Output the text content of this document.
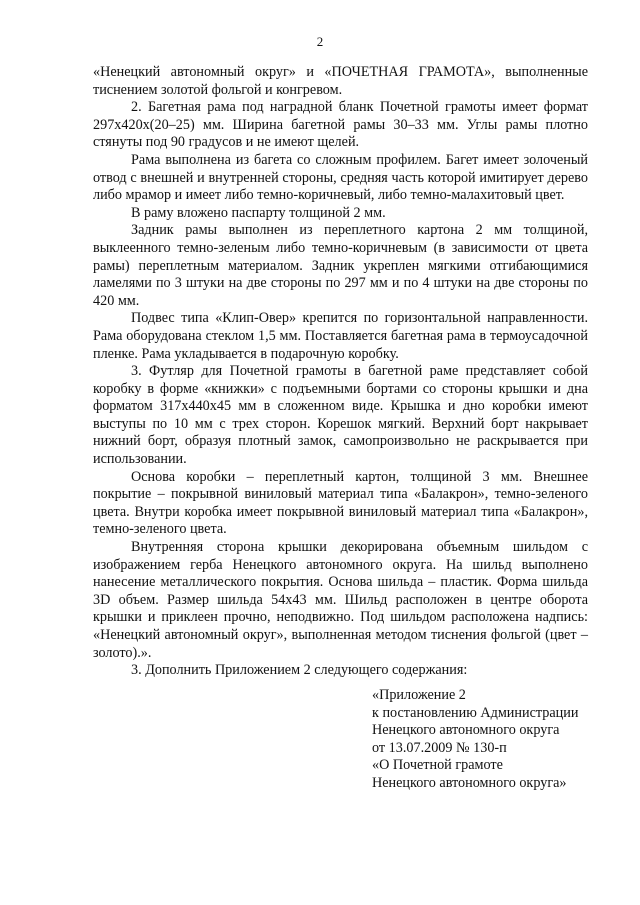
2

«Ненецкий автономный округ» и «ПОЧЕТНАЯ ГРАМОТА», выполненные тиснением золотой фольгой и конгревом.

2. Багетная рама под наградной бланк Почетной грамоты имеет формат 297х420х(20–25) мм. Ширина багетной рамы 30–33 мм. Углы рамы плотно стянуты под 90 градусов и не имеют щелей.

Рама выполнена из багета со сложным профилем. Багет имеет золоченый отвод с внешней и внутренней стороны, средняя часть которой имитирует дерево либо мрамор и имеет либо темно-коричневый, либо темно-малахитовый цвет.

В раму вложено паспарту толщиной 2 мм.

Задник рамы выполнен из переплетного картона 2 мм толщиной, выклеенного темно-зеленым либо темно-коричневым (в зависимости от цвета рамы) переплетным материалом. Задник укреплен мягкими отгибающимися ламелями по 3 штуки на две стороны по 297 мм и по 4 штуки на две стороны по 420 мм.

Подвес типа «Клип-Овер» крепится по горизонтальной направленности. Рама оборудована стеклом 1,5 мм. Поставляется багетная рама в термоусадочной пленке. Рама укладывается в подарочную коробку.

3. Футляр для Почетной грамоты в багетной раме представляет собой коробку в форме «книжки» с подъемными бортами со стороны крышки и дна форматом 317х440х45 мм в сложенном виде. Крышка и дно коробки имеют выступы по 10 мм с трех сторон. Корешок мягкий. Верхний борт накрывает нижний борт, образуя плотный замок, самопроизвольно не раскрывается при использовании.

Основа коробки – переплетный картон, толщиной 3 мм. Внешнее покрытие – покрывной виниловый материал типа «Балакрон», темно-зеленого цвета. Внутри коробка имеет покрывной виниловый материал типа «Балакрон», темно-зеленого цвета.

Внутренняя сторона крышки декорирована объемным шильдом с изображением герба Ненецкого автономного округа. На шильд выполнено нанесение металлического покрытия. Основа шильда – пластик. Форма шильда 3D объем. Размер шильда 54х43 мм. Шильд расположен в центре оборота крышки и приклеен прочно, неподвижно. Под шильдом расположена надпись: «Ненецкий автономный округ», выполненная методом тиснения фольгой (цвет – золото).».

3. Дополнить Приложением 2 следующего содержания:

«Приложение 2
к постановлению Администрации
Ненецкого автономного округа
от 13.07.2009 № 130-п
«О Почетной грамоте
Ненецкого автономного округа»
